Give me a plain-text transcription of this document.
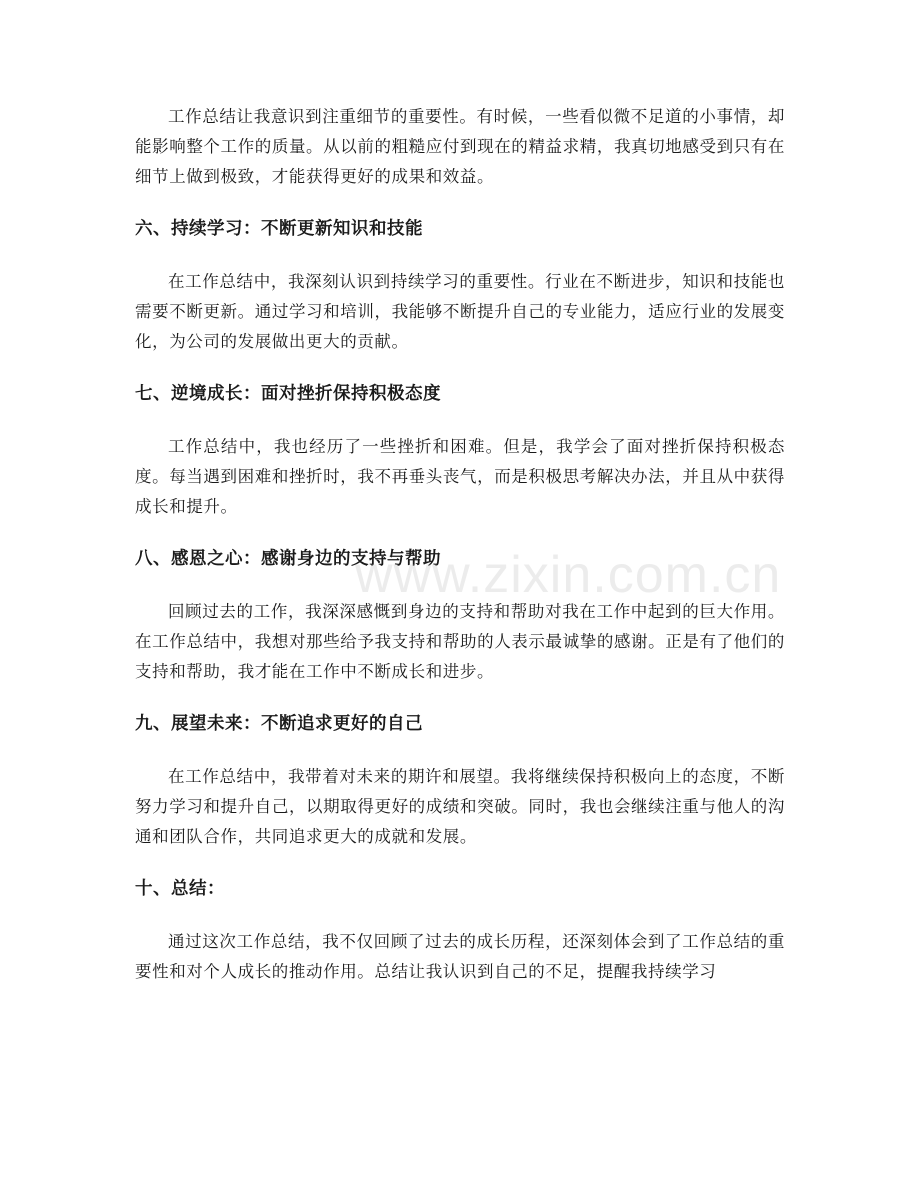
工作总结让我意识到注重细节的重要性。有时候，一些看似微不足道的小事情，却能影响整个工作的质量。从以前的粗糙应付到现在的精益求精，我真切地感受到只有在细节上做到极致，才能获得更好的成果和效益。

六、持续学习：不断更新知识和技能

在工作总结中，我深刻认识到持续学习的重要性。行业在不断进步，知识和技能也需要不断更新。通过学习和培训，我能够不断提升自己的专业能力，适应行业的发展变化，为公司的发展做出更大的贡献。

七、逆境成长：面对挫折保持积极态度

工作总结中，我也经历了一些挫折和困难。但是，我学会了面对挫折保持积极态度。每当遇到困难和挫折时，我不再垂头丧气，而是积极思考解决办法，并且从中获得成长和提升。

八、感恩之心：感谢身边的支持与帮助

回顾过去的工作，我深深感慨到身边的支持和帮助对我在工作中起到的巨大作用。在工作总结中，我想对那些给予我支持和帮助的人表示最诚挚的感谢。正是有了他们的支持和帮助，我才能在工作中不断成长和进步。

九、展望未来：不断追求更好的自己

在工作总结中，我带着对未来的期许和展望。我将继续保持积极向上的态度，不断努力学习和提升自己，以期取得更好的成绩和突破。同时，我也会继续注重与他人的沟通和团队合作，共同追求更大的成就和发展。

十、总结：

通过这次工作总结，我不仅回顾了过去的成长历程，还深刻体会到了工作总结的重要性和对个人成长的推动作用。总结让我认识到自己的不足，提醒我持续学习

www.zixin.com.cn
